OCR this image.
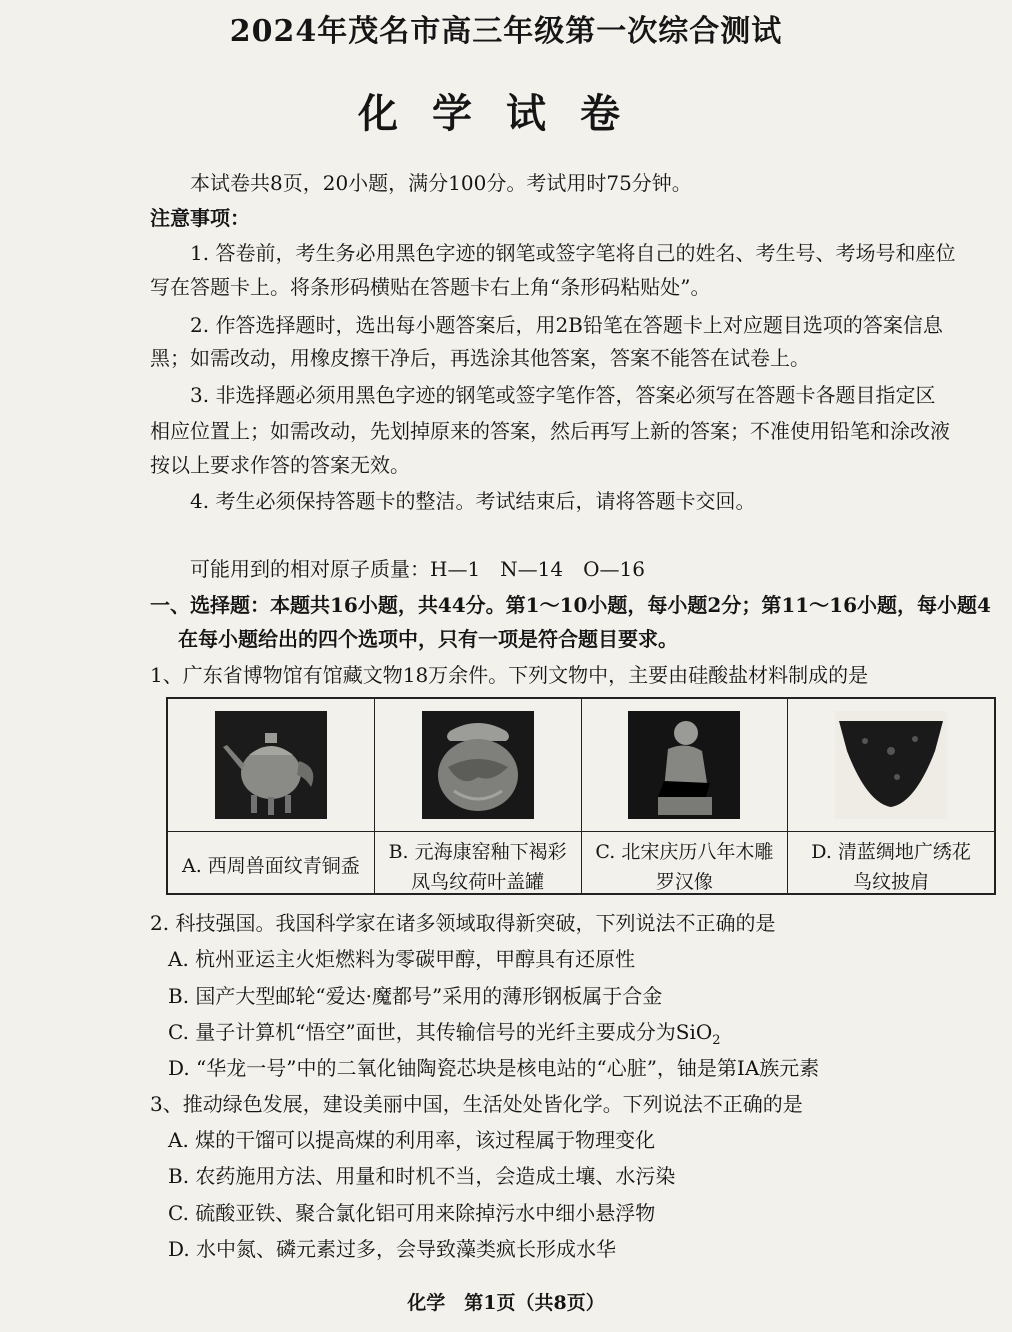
2024年茂名市高三年级第一次综合测试
化学试卷
本试卷共8页，20小题，满分100分。考试用时75分钟。
注意事项：
1. 答卷前，考生务必用黑色字迹的钢笔或签字笔将自己的姓名、考生号、考场号和座位
写在答题卡上。将条形码横贴在答题卡右上角“条形码粘贴处”。
2. 作答选择题时，选出每小题答案后，用2B铅笔在答题卡上对应题目选项的答案信息
黑；如需改动，用橡皮擦干净后，再选涂其他答案，答案不能答在试卷上。
3. 非选择题必须用黑色字迹的钢笔或签字笔作答，答案必须写在答题卡各题目指定区
相应位置上；如需改动，先划掉原来的答案，然后再写上新的答案；不准使用铅笔和涂改液
按以上要求作答的答案无效。
4. 考生必须保持答题卡的整洁。考试结束后，请将答题卡交回。
可能用到的相对原子质量：H—1　N—14　O—16
一、选择题：本题共16小题，共44分。第1～10小题，每小题2分；第11～16小题，每小题4
在每小题给出的四个选项中，只有一项是符合题目要求。
1、广东省博物馆有馆藏文物18万余件。下列文物中，主要由硅酸盐材料制成的是
A. 西周兽面纹青铜盉
B. 元海康窑釉下褐彩
凤鸟纹荷叶盖罐
C. 北宋庆历八年木雕
罗汉像
D. 清蓝绸地广绣花
鸟纹披肩
2. 科技强国。我国科学家在诸多领域取得新突破，下列说法不正确的是
A. 杭州亚运主火炬燃料为零碳甲醇，甲醇具有还原性
B. 国产大型邮轮“爱达·魔都号”采用的薄形钢板属于合金
C. 量子计算机“悟空”面世，其传输信号的光纤主要成分为SiO$_2$
D. “华龙一号”中的二氧化铀陶瓷芯块是核电站的“心脏”，铀是第ⅠA族元素
3、推动绿色发展，建设美丽中国，生活处处皆化学。下列说法不正确的是
A. 煤的干馏可以提高煤的利用率，该过程属于物理变化
B. 农药施用方法、用量和时机不当，会造成土壤、水污染
C. 硫酸亚铁、聚合氯化铝可用来除掉污水中细小悬浮物
D. 水中氮、磷元素过多，会导致藻类疯长形成水华
化学　第1页（共8页）
